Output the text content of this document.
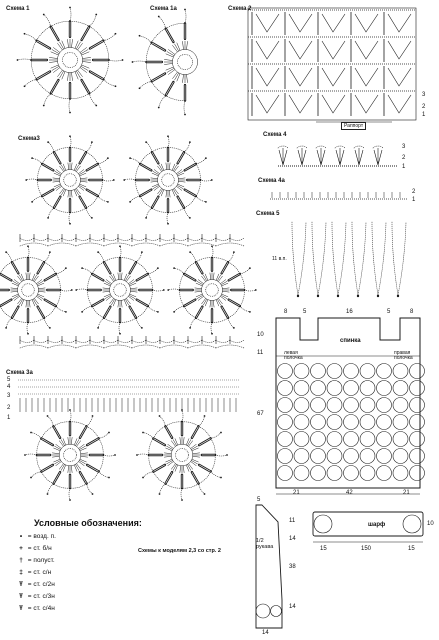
Схема 1	Схема 1а	Схема 2
Схема3
Схема 3а
Схема 4
Схема 4а
Схема 5
Раппорт
1
2
3
3
2
1
2
1
11 в.п.
5
4
3
2
1
8	5	16	5	8
10
11
67
спинка
левая полочка
правая полочка
21	42	21
5
11
14
38
14
14
1/2 рукава
шарф	10
15	150	15
Условные обозначения:
• = возд. п.
+ = ст. б/н
† = полуст.
‡ = ст. с/н
Ŧ = ст. с/2н
Ŧ = ст. с/3н
Ŧ = ст. с/4н
Схемы к моделям 2,3 со стр. 2
